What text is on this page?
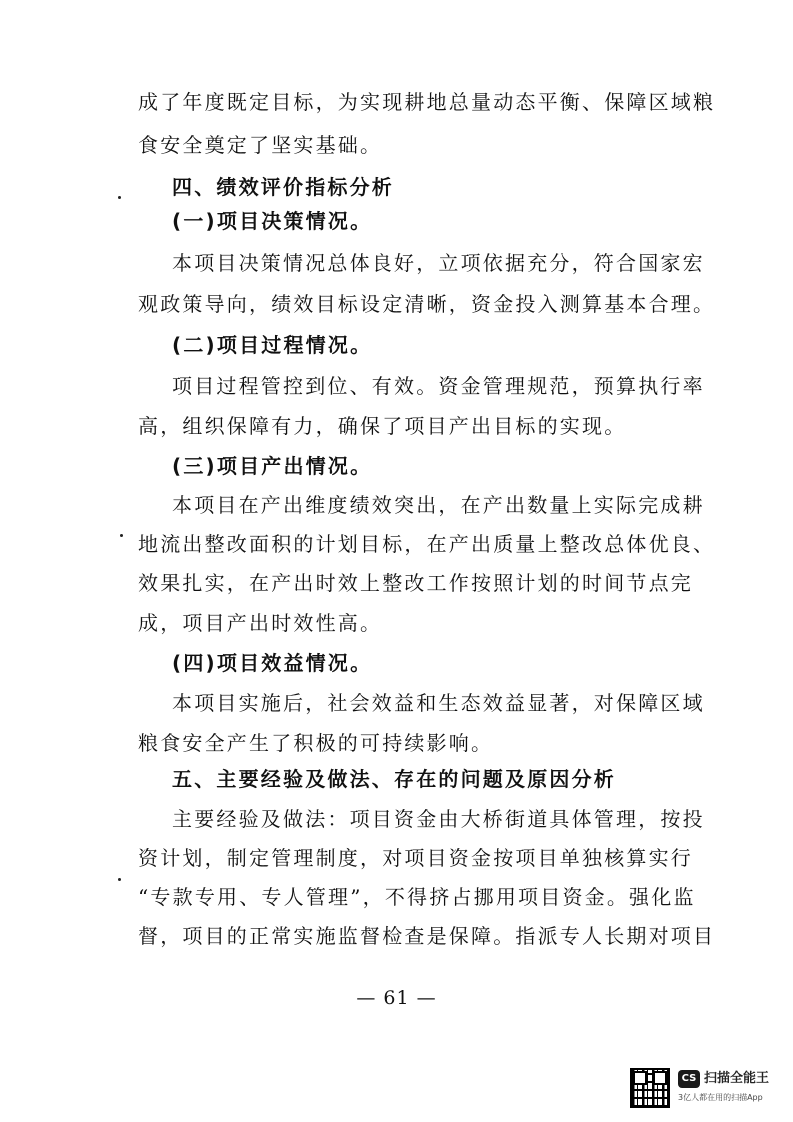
成了年度既定目标，为实现耕地总量动态平衡、保障区域粮
食安全奠定了坚实基础。
四、绩效评价指标分析
(一)项目决策情况。
本项目决策情况总体良好，立项依据充分，符合国家宏
观政策导向，绩效目标设定清晰，资金投入测算基本合理。
(二)项目过程情况。
项目过程管控到位、有效。资金管理规范，预算执行率
高，组织保障有力，确保了项目产出目标的实现。
(三)项目产出情况。
本项目在产出维度绩效突出，在产出数量上实际完成耕
地流出整改面积的计划目标，在产出质量上整改总体优良、
效果扎实，在产出时效上整改工作按照计划的时间节点完
成，项目产出时效性高。
(四)项目效益情况。
本项目实施后，社会效益和生态效益显著，对保障区域
粮食安全产生了积极的可持续影响。
五、主要经验及做法、存在的问题及原因分析
主要经验及做法：项目资金由大桥街道具体管理，按投
资计划，制定管理制度，对项目资金按项目单独核算实行
“专款专用、专人管理”，不得挤占挪用项目资金。强化监
督，项目的正常实施监督检查是保障。指派专人长期对项目
— 61 —
CS 扫描全能王
3亿人都在用的扫描App
